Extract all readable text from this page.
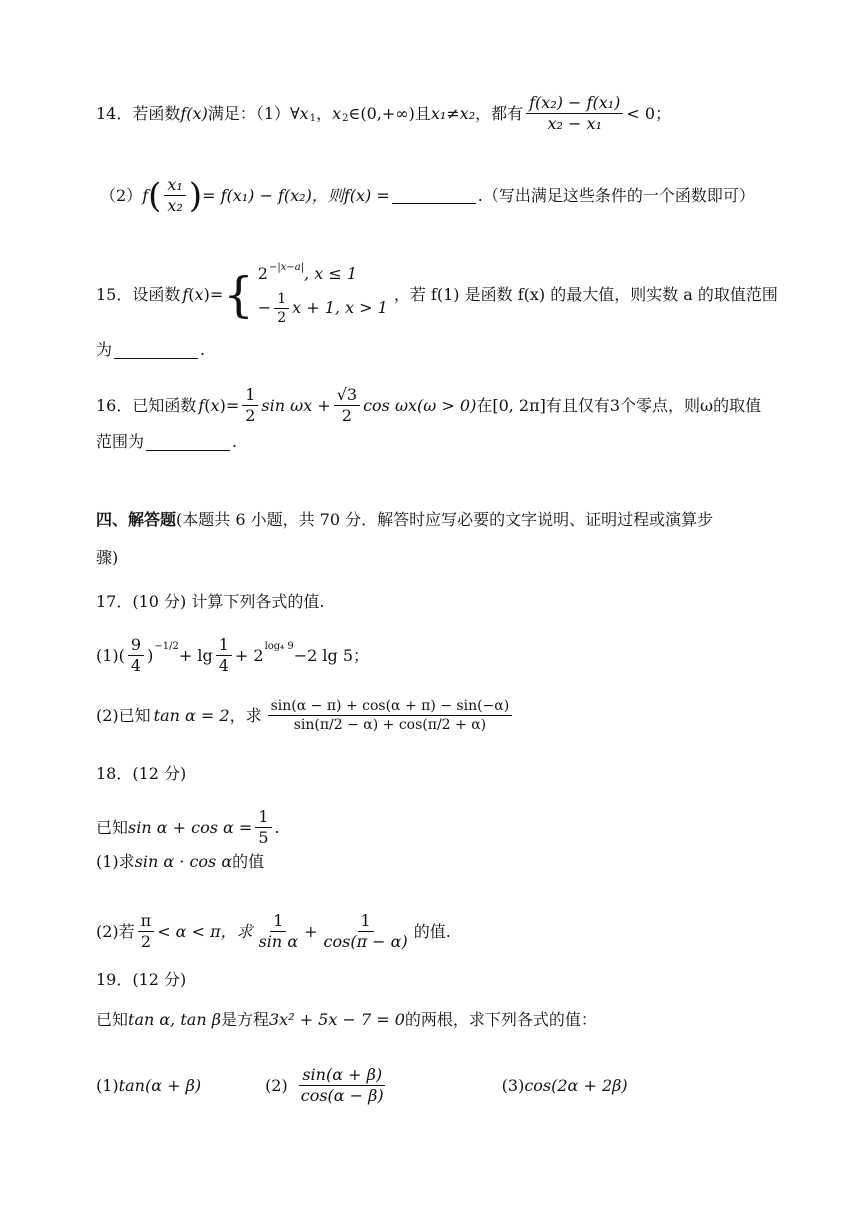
14．若函数 f(x) 满足：（1） ∀x 1 ， x 2 ∈(0,+∞)且 x₁ ≠ x₂ ，都有 $\frac{\text{f(x₂) − f(x₁)}}{\text{x₂ − x₁}} < 0$；
（2） f ( $\frac{\text{x₁}}{\text{x₂}}$ ) = f(x₁) − f(x₂)，则 f(x) =	.（写出满足这些条件的一个函数即可）
15．设函数 f ( x )= { $2^{-|x-a|}$, x ≤ 1
− $\frac{1}{2}$ x + 1, x > 1
，若 f(1) 是函数 f(x) 的最大值，则实数 a 的取值范围
为	.
16．已知函数 f ( x )= $\frac{1}{2}$ $\sin \omega x + \frac{√3}{2}$ cos ωx(ω > 0) 在[0, 2π]有且仅有3个零点，则ω的取值
范围为	.
四、解答题 (本题共 6 小题，共 70 分．解答时应写必要的文字说明、证明过程或演算步
骤)
17．(10 分) 计算下列各式的值.
(1) ( $\frac{9}{4}$ ) $-1/2 + \lg \frac{1}{4} + 2$ log₄ 9 −2 lg 5；
(2)已知 tan α = 2 ，求 $\frac{\sin(\alpha - \pi) + \cos(\alpha + \pi) - \sin(-\alpha)}{\sin(\pi/2 - \alpha) + \cos(\pi/2 + \alpha)}$
18．(12 分)
已知 $\sin \alpha + \cos \alpha = \frac{1}{5}$ .
(1)求 sin α · cos α 的值
(2)若 $\frac{\pi}{2} < \alpha < \pi$，求 $\frac{1}{\text{sin α}} + \frac{1}{\cos(\pi - \alpha)}$ 的值.
19．(12 分)
已知 tan α, tan β 是方程 3x² + 5x − 7 = 0 的两根，求下列各式的值：
(1) tan(α + β)	$(2) \frac{\sin(\alpha + \beta)}{\cos(\alpha - \beta)}$	(3) cos(2α + 2β)
